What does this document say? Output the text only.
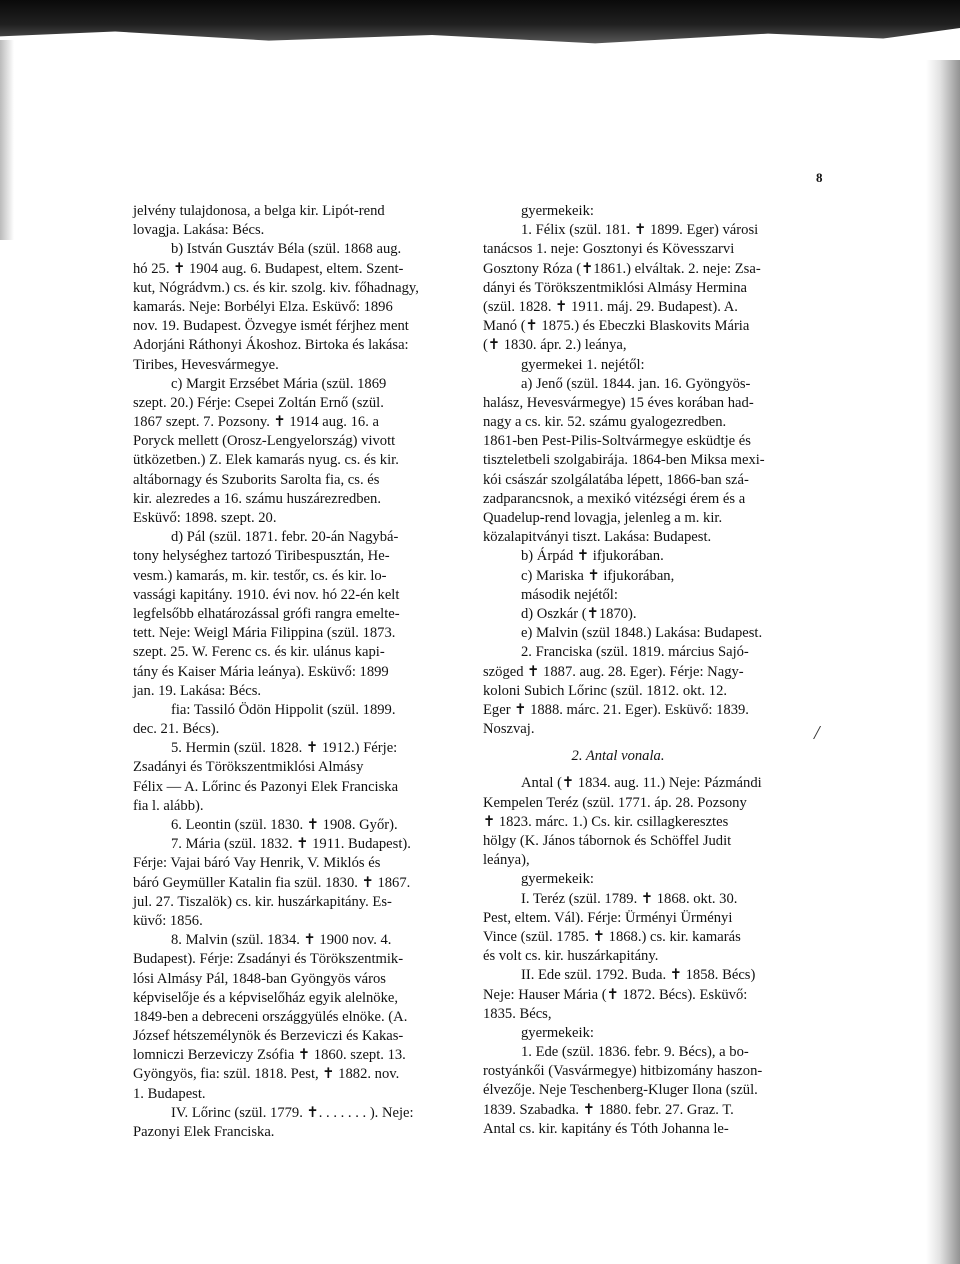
8
jelvény tulajdonosa, a belga kir. Lipót-rend
lovagja. Lakása: Bécs.
b) István Gusztáv Béla (szül. 1868 aug.
hó 25. ✝ 1904 aug. 6. Budapest, eltem. Szent-
kut, Nógrádvm.) cs. és kir. szolg. kiv. főhadnagy,
kamarás. Neje: Borbélyi Elza. Esküvő: 1896
nov. 19. Budapest. Özvegye ismét férjhez ment
Adorjáni Ráthonyi Ákoshoz. Birtoka és lakása:
Tiribes, Hevesvármegye.
c) Margit Erzsébet Mária (szül. 1869
szept. 20.) Férje: Csepei Zoltán Ernő (szül.
1867 szept. 7. Pozsony. ✝ 1914 aug. 16. a
Poryck mellett (Orosz-Lengyelország) vivott
ütközetben.) Z. Elek kamarás nyug. cs. és kir.
altábornagy és Szuborits Sarolta fia, cs. és
kir. alezredes a 16. számu huszárezredben.
Esküvő: 1898. szept. 20.
d) Pál (szül. 1871. febr. 20-án Nagybá-
tony helységhez tartozó Tiribespusztán, He-
vesm.) kamarás, m. kir. testőr, cs. és kir. lo-
vassági kapitány. 1910. évi nov. hó 22-én kelt
legfelsőbb elhatározással grófi rangra emelte-
tett. Neje: Weigl Mária Filippina (szül. 1873.
szept. 25. W. Ferenc cs. és kir. ulánus kapi-
tány és Kaiser Mária leánya). Esküvő: 1899
jan. 19. Lakása: Bécs.
fia: Tassiló Ödön Hippolit (szül. 1899.
dec. 21. Bécs).
5. Hermin (szül. 1828. ✝ 1912.) Férje:
Zsadányi és Törökszentmiklósi Almásy
Félix — A. Lőrinc és Pazonyi Elek Franciska
fia l. alább).
6. Leontin (szül. 1830. ✝ 1908. Győr).
7. Mária (szül. 1832. ✝ 1911. Budapest).
Férje: Vajai báró Vay Henrik, V. Miklós és
báró Geymüller Katalin fia szül. 1830. ✝ 1867.
jul. 27. Tiszalök) cs. kir. huszárkapitány. Es-
küvő: 1856.
8. Malvin (szül. 1834. ✝ 1900 nov. 4.
Budapest). Férje: Zsadányi és Törökszentmik-
lósi Almásy Pál, 1848-ban Gyöngyös város
képviselője és a képviselőház egyik alelnöke,
1849-ben a debreceni országgyülés elnöke. (A.
József hétszemélynök és Berzeviczi és Kakas-
lomniczi Berzeviczy Zsófia ✝ 1860. szept. 13.
Gyöngyös, fia: szül. 1818. Pest, ✝ 1882. nov.
1. Budapest.
IV. Lőrinc (szül. 1779. ✝. . . . . . . ). Neje:
Pazonyi Elek Franciska.
gyermekeik:
1. Félix (szül. 181. ✝ 1899. Eger) városi
tanácsos 1. neje: Gosztonyi és Kövesszarvi
Gosztony Róza (✝1861.) elváltak. 2. neje: Zsa-
dányi és Törökszentmiklósi Almásy Hermina
(szül. 1828. ✝ 1911. máj. 29. Budapest). A.
Manó (✝ 1875.) és Ebeczki Blaskovits Mária
(✝ 1830. ápr. 2.) leánya,
gyermekei 1. nejétől:
a) Jenő (szül. 1844. jan. 16. Gyöngyös-
halász, Hevesvármegye) 15 éves korában had-
nagy a cs. kir. 52. számu gyalogezredben.
1861-ben Pest-Pilis-Soltvármegye esküdtje és
tiszteletbeli szolgabirája. 1864-ben Miksa mexi-
kói császár szolgálatába lépett, 1866-ban szá-
zadparancsnok, a mexikó vitézségi érem és a
Quadelup-rend lovagja, jelenleg a m. kir.
közalapitványi tiszt. Lakása: Budapest.
b) Árpád ✝ ifjukorában.
c) Mariska ✝ ifjukorában,
második nejétől:
d) Oszkár (✝1870).
e) Malvin (szül 1848.) Lakása: Budapest.
2. Franciska (szül. 1819. március Sajó-
szöged ✝ 1887. aug. 28. Eger). Férje: Nagy-
koloni Subich Lőrinc (szül. 1812. okt. 12.
Eger ✝ 1888. márc. 21. Eger). Esküvő: 1839.
Noszvaj.
2. Antal vonala.
Antal (✝ 1834. aug. 11.) Neje: Pázmándi
Kempelen Teréz (szül. 1771. áp. 28. Pozsony
✝ 1823. márc. 1.) Cs. kir. csillagkeresztes
hölgy (K. János tábornok és Schöffel Judit
leánya),
gyermekeik:
I. Teréz (szül. 1789. ✝ 1868. okt. 30.
Pest, eltem. Vál). Férje: Ürményi Ürményi
Vince (szül. 1785. ✝ 1868.) cs. kir. kamarás
és volt cs. kir. huszárkapitány.
II. Ede szül. 1792. Buda. ✝ 1858. Bécs)
Neje: Hauser Mária (✝ 1872. Bécs). Esküvő:
1835. Bécs,
gyermekeik:
1. Ede (szül. 1836. febr. 9. Bécs), a bo-
rostyánkői (Vasvármegye) hitbizomány haszon-
élvezője. Neje Teschenberg-Kluger Ilona (szül.
1839. Szabadka. ✝ 1880. febr. 27. Graz. T.
Antal cs. kir. kapitány és Tóth Johanna le-
/
